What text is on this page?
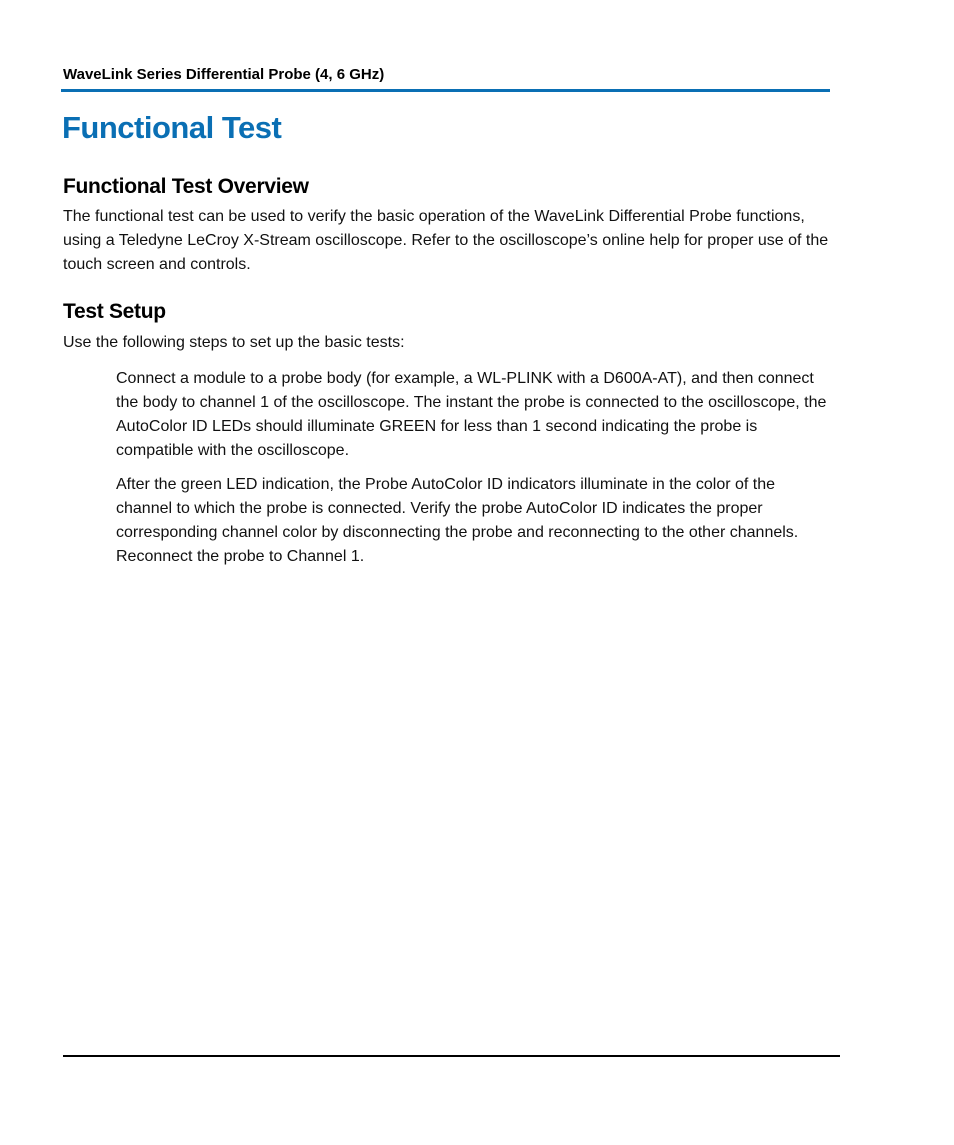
WaveLink Series Differential Probe (4, 6 GHz)
Functional Test
Functional Test Overview

The functional test can be used to verify the basic operation of the WaveLink Differential Probe functions, using a Teledyne LeCroy X-Stream oscilloscope. Refer to the oscilloscope’s online help for proper use of the touch screen and controls.

Test Setup

Use the following steps to set up the basic tests:

Connect a module to a probe body (for example, a WL-PLINK with a D600A-AT), and then connect the body to channel 1 of the oscilloscope. The instant the probe is connected to the oscilloscope, the AutoColor ID LEDs should illuminate GREEN for less than 1 second indicating the probe is compatible with the oscilloscope.

After the green LED indication, the Probe AutoColor ID indicators illuminate in the color of the channel to which the probe is connected. Verify the probe AutoColor ID indicates the proper corresponding channel color by disconnecting the probe and reconnecting to the other channels. Reconnect the probe to Channel 1.
